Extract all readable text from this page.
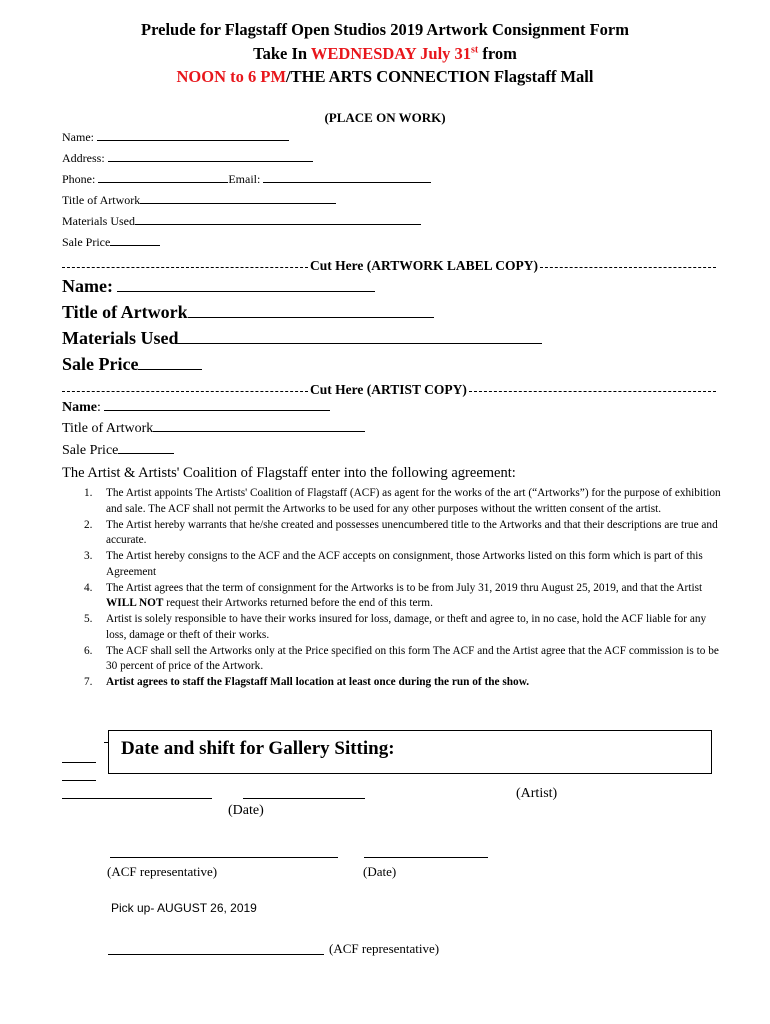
Prelude for Flagstaff Open Studios 2019 Artwork Consignment Form
Take In WEDNESDAY July 31st from
NOON to 6 PM/THE ARTS CONNECTION Flagstaff Mall
(PLACE ON WORK)
Name:
Address:
Phone:	Email:
Title of Artwork
Materials Used
Sale Price
Cut Here (ARTWORK LABEL COPY)
Name:
Title of Artwork
Materials Used
Sale Price
Cut Here (ARTIST COPY)
Name:
Title of Artwork
Sale Price
The Artist & Artists' Coalition of Flagstaff enter into the following agreement:
1. The Artist appoints The Artists' Coalition of Flagstaff (ACF) as agent for the works of the art (“Artworks”) for the purpose of exhibition and sale. The ACF shall not permit the Artworks to be used for any other purposes without the written consent of the artist.
2. The Artist hereby warrants that he/she created and possesses unencumbered title to the Artworks and that their descriptions are true and accurate.
3. The Artist hereby consigns to the ACF and the ACF accepts on consignment, those Artworks listed on this form which is part of this Agreement
4. The Artist agrees that the term of consignment for the Artworks is to be from July 31, 2019 thru August 25, 2019, and that the Artist WILL NOT request their Artworks returned before the end of this term.
5. Artist is solely responsible to have their works insured for loss, damage, or theft and agree to, in no case, hold the ACF liable for any loss, damage or theft of their works.
6. The ACF shall sell the Artworks only at the Price specified on this form The ACF and the Artist agree that the ACF commission is to be 30 percent of price of the Artwork.
7. Artist agrees to staff the Flagstaff Mall location at least once during the run of the show.
Date and shift for Gallery Sitting:
(Artist)
(Date)
(ACF representative)	(Date)
Pick up- AUGUST 26, 2019
(ACF representative)
